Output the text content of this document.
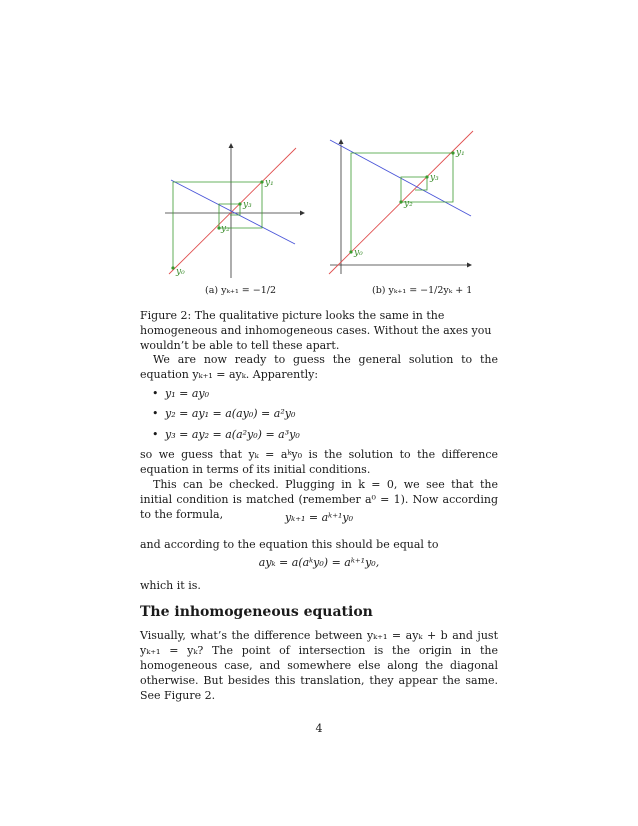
y₁
y₃
y₂
y₀
(a) yₖ₊₁ = −1/2
y₁
y₃
y₂
y₀
(b) yₖ₊₁ = −1/2yₖ + 1
Figure 2: The qualitative picture looks the same in the homogeneous and inhomogeneous cases. Without the axes you wouldn’t be able to tell these apart.
We are now ready to guess the general solution to the equation yₖ₊₁ = ayₖ. Apparently:
• y₁ = ay₀
• y₂ = ay₁ = a(ay₀) = a²y₀
• y₃ = ay₂ = a(a²y₀) = a³y₀
so we guess that yₖ = aᵏy₀ is the solution to the difference equation in terms of its initial conditions.
This can be checked. Plugging in k = 0, we see that the initial condition is matched (remember a⁰ = 1). Now according to the formula,	yₖ₊₁ = aᵏ⁺¹y₀
and according to the equation this should be equal to
ayₖ = a(aᵏy₀) = aᵏ⁺¹y₀,
which it is.
The inhomogeneous equation
Visually, what’s the difference between yₖ₊₁ = ayₖ + b and just yₖ₊₁ = yₖ? The point of intersection is the origin in the homogeneous case, and somewhere else along the diagonal otherwise. But besides this translation, they appear the same. See Figure 2.
4
